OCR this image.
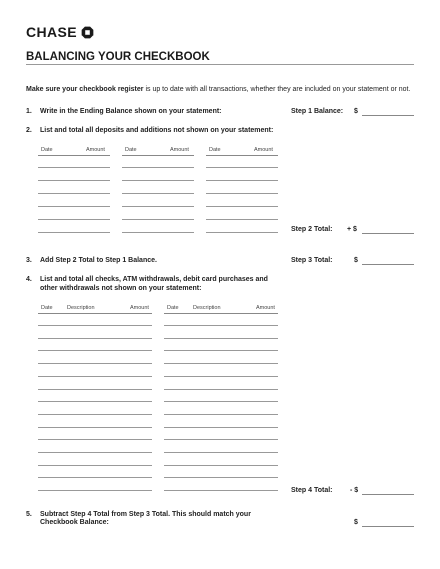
CHASE
BALANCING YOUR CHECKBOOK
Make sure your checkbook register is up to date with all transactions, whether they are included on your statement or not.
1. Write in the Ending Balance shown on your statement:	Step 1 Balance: $
2. List and total all deposits and additions not shown on your statement:
Date	Amount	Date	Amount	Date	Amount
Step 2 Total: + $
3. Add Step 2 Total to Step 1 Balance.	Step 3 Total:	$
4. List and total all checks, ATM withdrawals, debit card purchases and
other withdrawals not shown on your statement:
Date	Description	Amount	Date	Description	Amount
Step 4 Total:	- $
5. Subtract Step 4 Total from Step 3 Total. This should match your
Checkbook Balance:	$
